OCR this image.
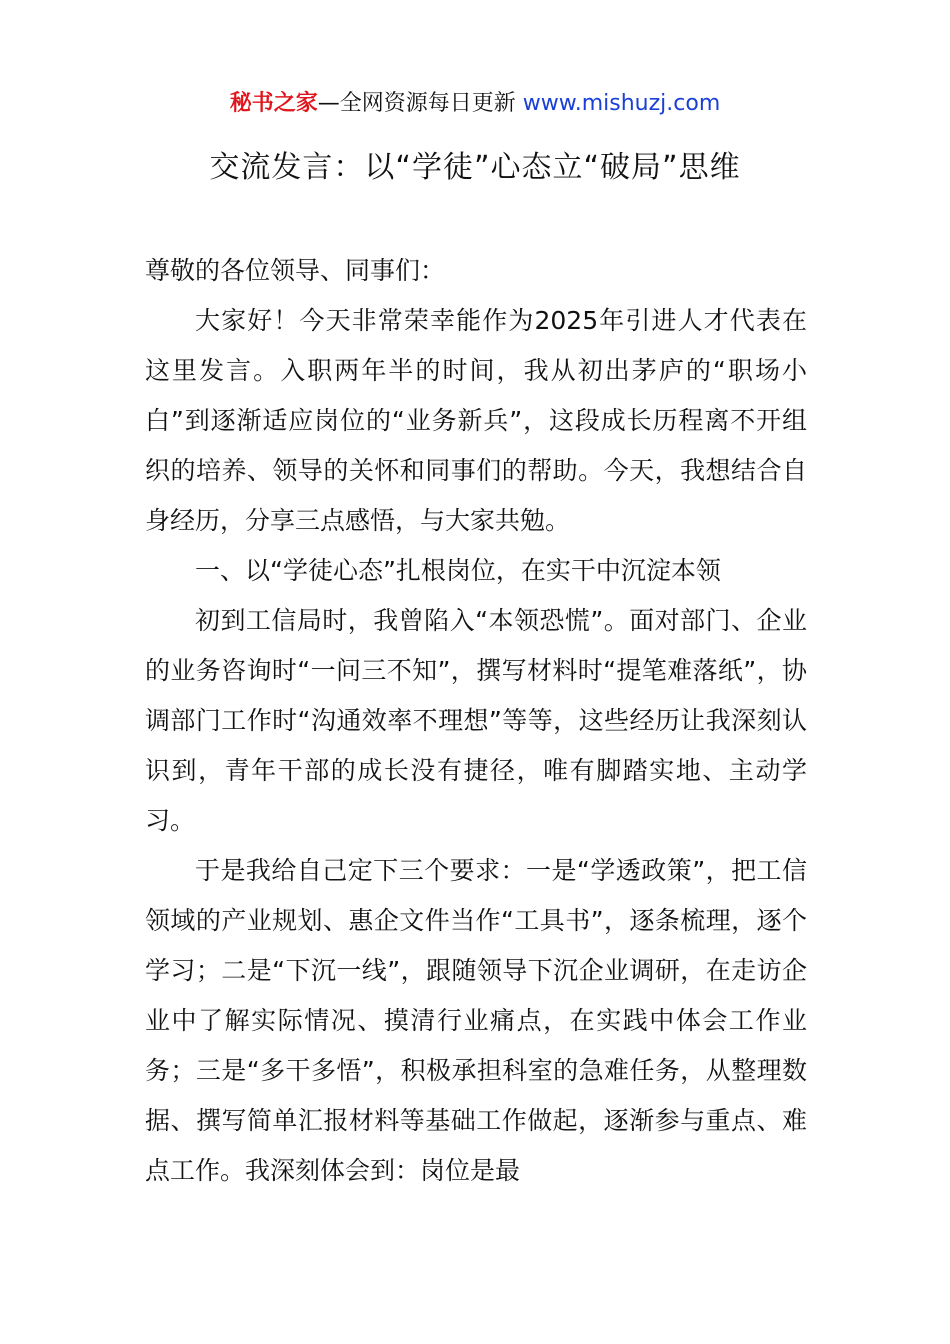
秘书之家—全网资源每日更新 www.mishuzj.com
交流发言：以“学徒”心态立“破局”思维

尊敬的各位领导、同事们：

大家好！今天非常荣幸能作为2025年引进人才代表在这里发言。入职两年半的时间，我从初出茅庐的“职场小白”到逐渐适应岗位的“业务新兵”，这段成长历程离不开组织的培养、领导的关怀和同事们的帮助。今天，我想结合自身经历，分享三点感悟，与大家共勉。

一、以“学徒心态”扎根岗位，在实干中沉淀本领

初到工信局时，我曾陷入“本领恐慌”。面对部门、企业的业务咨询时“一问三不知”，撰写材料时“提笔难落纸”，协调部门工作时“沟通效率不理想”等等，这些经历让我深刻认识到，青年干部的成长没有捷径，唯有脚踏实地、主动学习。

于是我给自己定下三个要求：一是“学透政策”，把工信领域的产业规划、惠企文件当作“工具书”，逐条梳理，逐个学习；二是“下沉一线”，跟随领导下沉企业调研，在走访企业中了解实际情况、摸清行业痛点，在实践中体会工作业务；三是“多干多悟”，积极承担科室的急难任务，从整理数据、撰写简单汇报材料等基础工作做起，逐渐参与重点、难点工作。我深刻体会到：岗位是最
